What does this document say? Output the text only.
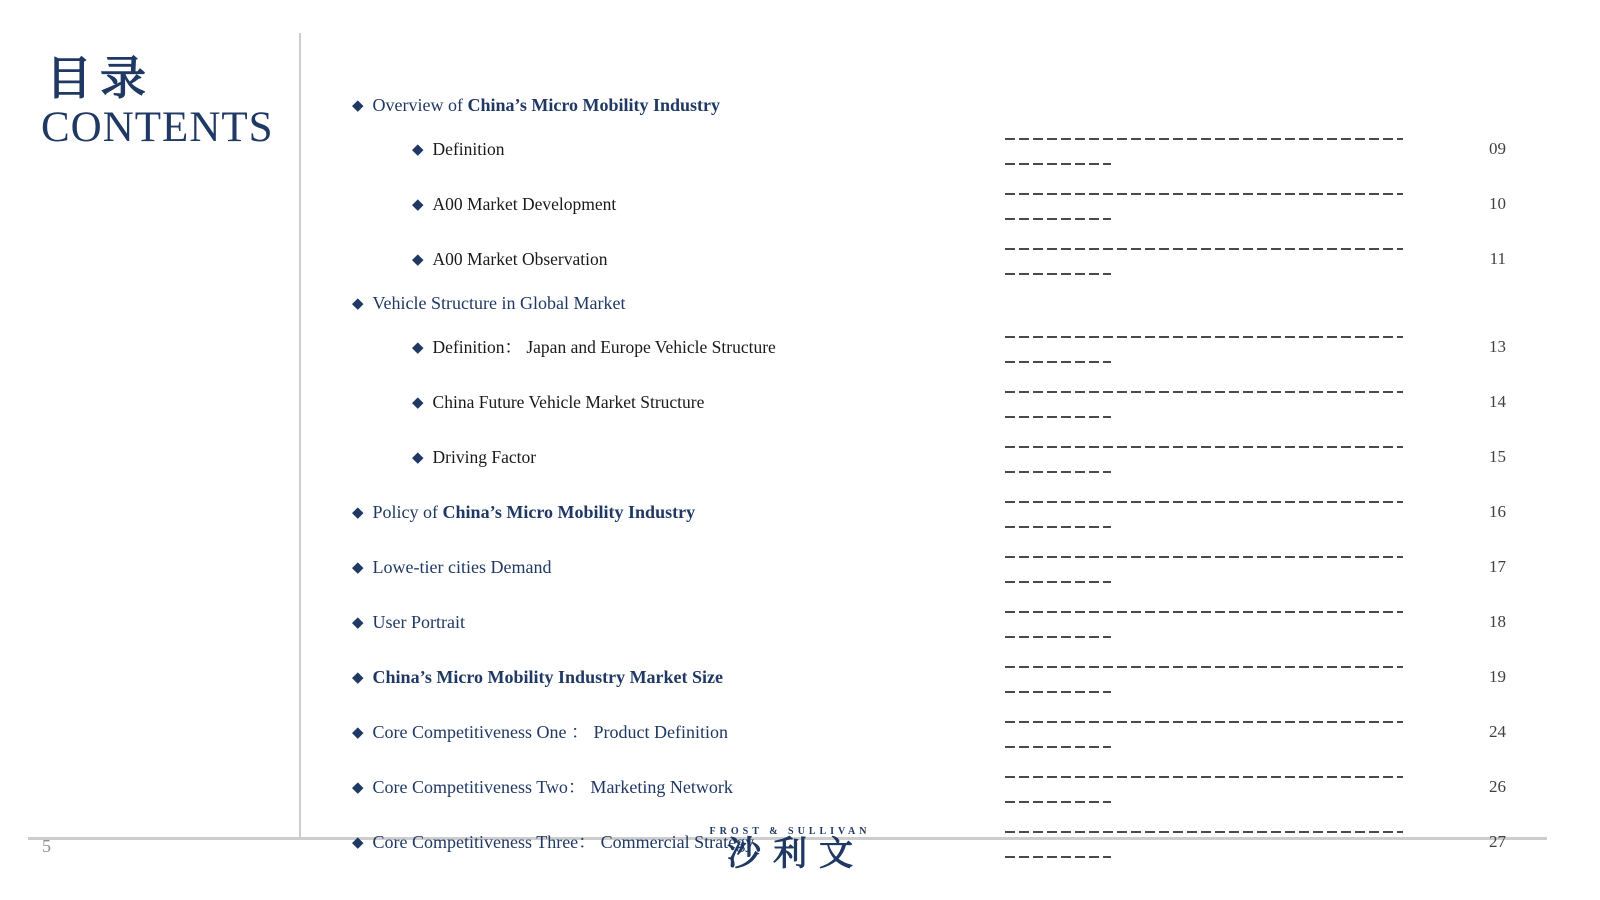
目录
CONTENTS	◆ Overview of China’s Micro Mobility Industry
◆ Definition	09
◆ A00 Market Development	10
◆ A00 Market Observation	11
◆ Vehicle Structure in Global Market
◆ Definition： Japan and Europe Vehicle Structure	13
◆ China Future Vehicle Market Structure	14
◆ Driving Factor	15
◆ Policy of China’s Micro Mobility Industry	16
◆ Lowe-tier cities Demand	17
◆ User Portrait	18
◆ China’s Micro Mobility Industry Market Size	19
◆ Core Competitiveness One ： Product Definition	24
◆ Core Competitiveness Two： Marketing Network	26
◆ Core Competitiveness Three： Commercial Strategy	27
5
FROST & SULLIVAN
沙利文
